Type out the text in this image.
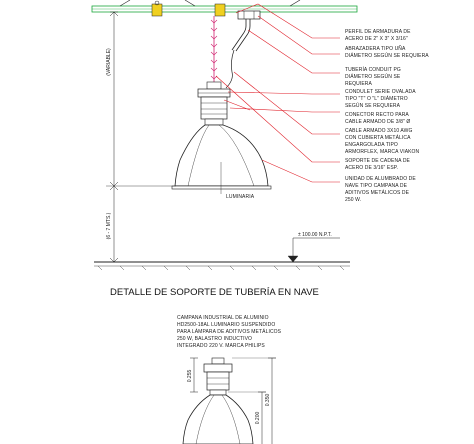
LUMINARIA
(VARIABLE)
(6 - 7 MTS.)	± 100.00 N.P.T.
PERFIL DE ARMADURA DE
ACERO DE 2" X 3" X 3/16"
ABRAZADERA TIPO UÑA
DIÁMETRO SEGÚN SE REQUIERA
TUBERÍA CONDUIT PG
DIÁMETRO SEGÚN SE
REQUIERA
CONDULET SERIE OVALADA
TIPO "T" O "L" DIÁMETRO
SEGÚN SE REQUIERA
CONECTOR RECTO PARA
CABLE ARMADO DE 3/8" Ø
CABLE ARMADO 3X10 AWG
CON CUBIERTA METÁLICA
ENGARGOLADA TIPO
ARMORFLEX, MARCA VIAKON
SOPORTE DE CADENA DE
ACERO DE 3/16" ESP.
UNIDAD DE ALUMBRADO DE
NAVE TIPO CAMPANA DE
ADITIVOS METÁLICOS DE
250 W.
DETALLE DE SOPORTE DE TUBERÍA EN NAVE
CAMPANA INDUSTRIAL DE ALUMINIO
HD2500-18AL LUMINARIO SUSPENDIDO
PARA LÁMPARA DE ADITIVOS METÁLICOS
250 W, BALASTRO INDUCTIVO
INTEGRADO 220 V. MARCA PHILIPS
0.255
0.200
0.350
